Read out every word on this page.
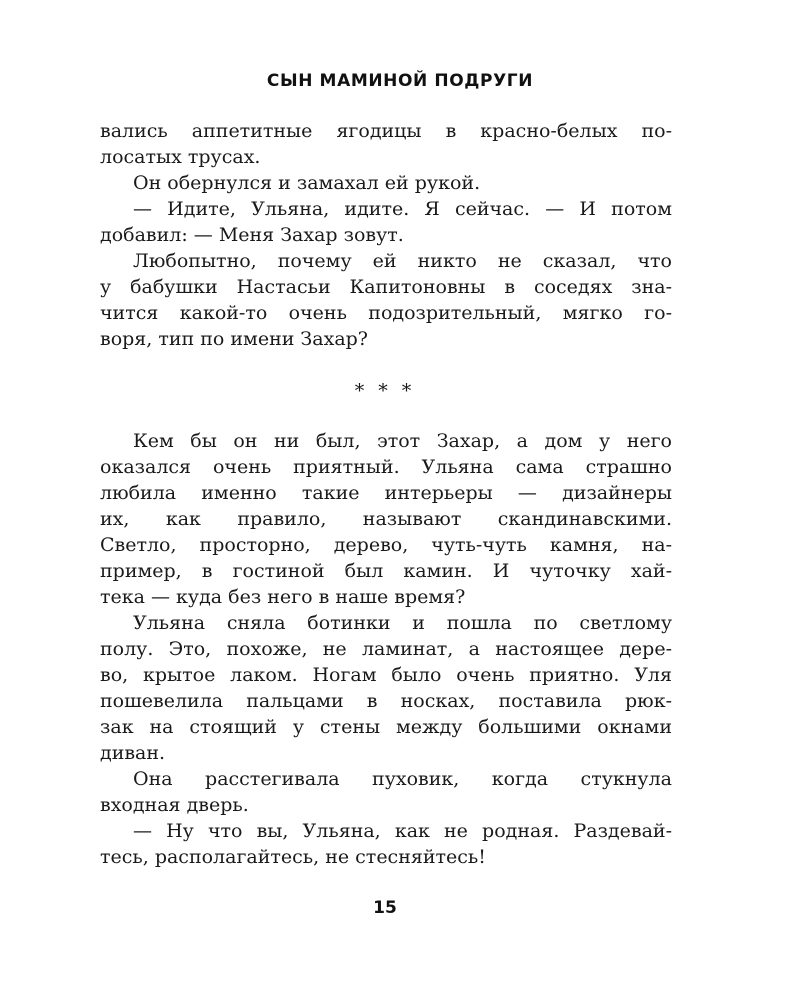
СЫН МАМИНОЙ ПОДРУГИ
вались аппетитные ягодицы в красно-белых по-
лосатых трусах.
Он обернулся и замахал ей рукой.
— Идите, Ульяна, идите. Я сейчас. — И потом
добавил: — Меня Захар зовут.
Любопытно, почему ей никто не сказал, что
у бабушки Настасьи Капитоновны в соседях зна-
чится какой-то очень подозрительный, мягко го-
воря, тип по имени Захар?
* * *
Кем бы он ни был, этот Захар, а дом у него
оказался очень приятный. Ульяна сама страшно
любила именно такие интерьеры — дизайнеры
их, как правило, называют скандинавскими.
Светло, просторно, дерево, чуть-чуть камня, на-
пример, в гостиной был камин. И чуточку хай-
тека — куда без него в наше время?
Ульяна сняла ботинки и пошла по светлому
полу. Это, похоже, не ламинат, а настоящее дере-
во, крытое лаком. Ногам было очень приятно. Уля
пошевелила пальцами в носках, поставила рюк-
зак на стоящий у стены между большими окнами
диван.
Она расстегивала пуховик, когда стукнула
входная дверь.
— Ну что вы, Ульяна, как не родная. Раздевай-
тесь, располагайтесь, не стесняйтесь!
15
